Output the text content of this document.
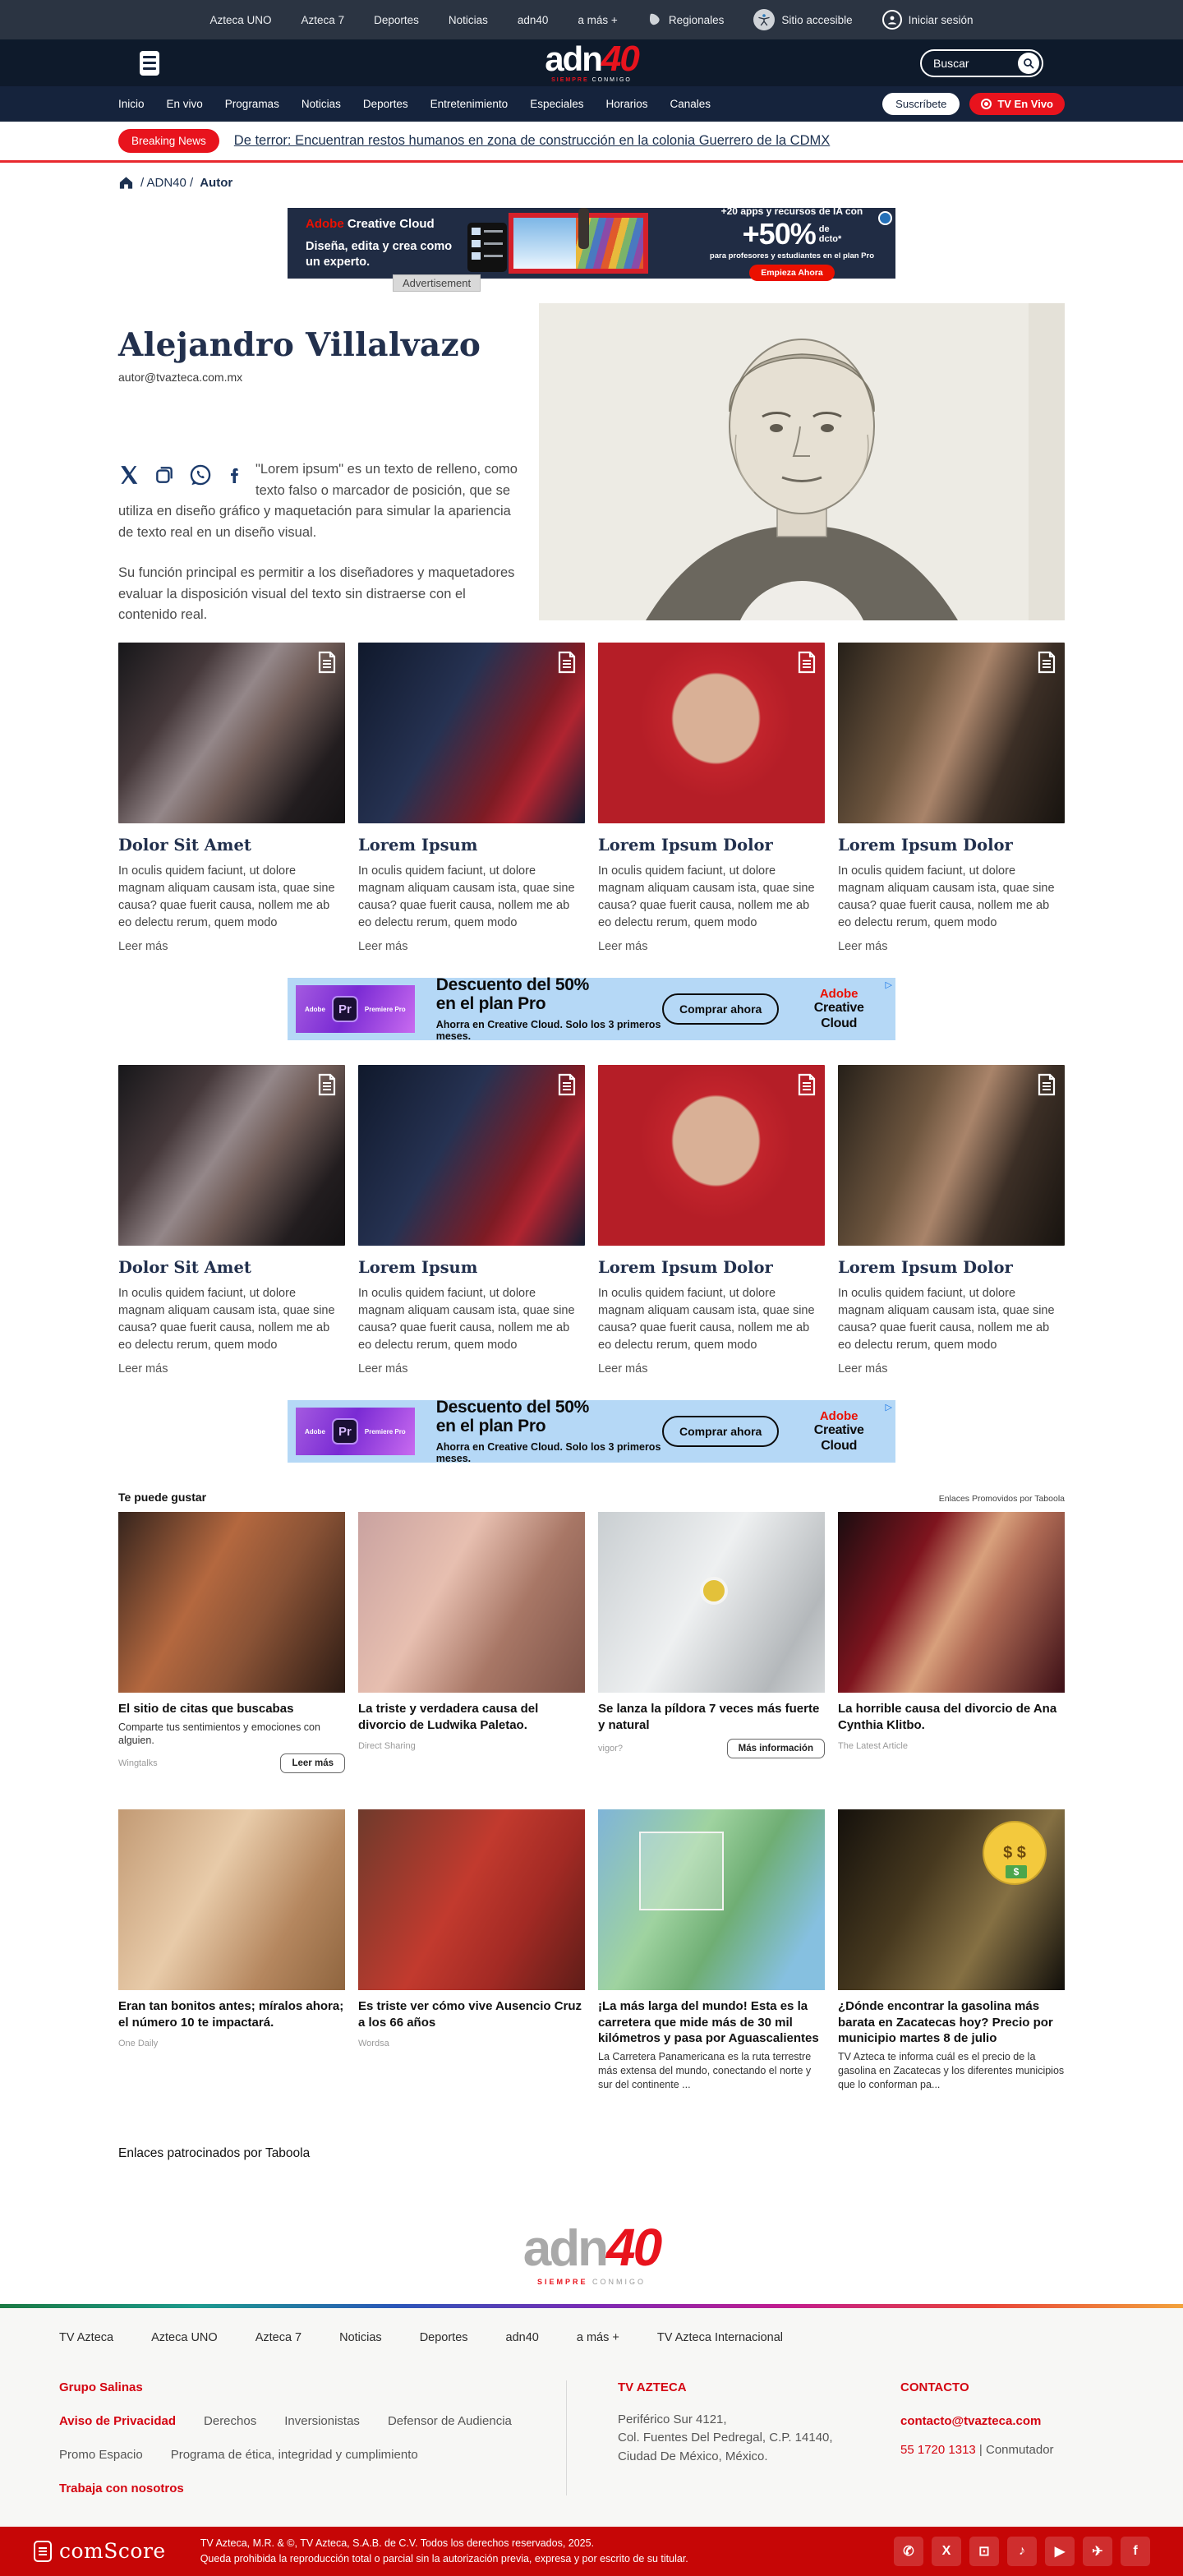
Azteca UNO	Azteca 7	Deportes	Noticias	adn40	a más +	Regionales	Sitio accesible	Iniciar sesión
adn40
SIEMPRE CONMIGO
Buscar
Inicio En vivo Programas Noticias Deportes Entretenimiento Especiales Horarios Canales	Suscríbete	TV En Vivo
Breaking News	De terror: Encuentran restos humanos en zona de construcción en la colonia Guerrero de la CDMX
/ ADN40 / Autor
Adobe Creative Cloud
Diseña, edita y crea como un experto.
+20 apps y recursos de IA con
+50% de
dcto*
para profesores y estudiantes en el plan Pro
Empieza Ahora
Advertisement
Alejandro Villalvazo
autor@tvazteca.com.mx

"Lorem ipsum" es un texto de relleno, como texto falso o marcador de posición, que se utiliza en diseño gráfico y maquetación para simular la apariencia de texto real en un diseño visual.

Su función principal es permitir a los diseñadores y maquetadores evaluar la disposición visual del texto sin distraerse con el contenido real.

Dolor Sit Amet

In oculis quidem faciunt, ut dolore magnam aliquam causam ista, quae sine causa? quae fuerit causa, nollem me ab eo delectu rerum, quem modo

Leer más
Lorem Ipsum

In oculis quidem faciunt, ut dolore magnam aliquam causam ista, quae sine causa? quae fuerit causa, nollem me ab eo delectu rerum, quem modo

Leer más
Lorem Ipsum Dolor

In oculis quidem faciunt, ut dolore magnam aliquam causam ista, quae sine causa? quae fuerit causa, nollem me ab eo delectu rerum, quem modo

Leer más
Lorem Ipsum Dolor

In oculis quidem faciunt, ut dolore magnam aliquam causam ista, quae sine causa? quae fuerit causa, nollem me ab eo delectu rerum, quem modo

Leer más
Adobe	Pr	Premiere Pro
Descuento del 50%
en el plan Pro
Ahorra en Creative Cloud. Solo los 3 primeros meses.
Comprar ahora
Adobe
Creative Cloud
▷
Dolor Sit Amet

In oculis quidem faciunt, ut dolore magnam aliquam causam ista, quae sine causa? quae fuerit causa, nollem me ab eo delectu rerum, quem modo

Leer más
Lorem Ipsum

In oculis quidem faciunt, ut dolore magnam aliquam causam ista, quae sine causa? quae fuerit causa, nollem me ab eo delectu rerum, quem modo

Leer más
Lorem Ipsum Dolor

In oculis quidem faciunt, ut dolore magnam aliquam causam ista, quae sine causa? quae fuerit causa, nollem me ab eo delectu rerum, quem modo

Leer más
Lorem Ipsum Dolor

In oculis quidem faciunt, ut dolore magnam aliquam causam ista, quae sine causa? quae fuerit causa, nollem me ab eo delectu rerum, quem modo

Leer más
Adobe	Pr	Premiere Pro
Descuento del 50%
en el plan Pro
Ahorra en Creative Cloud. Solo los 3 primeros meses.
Comprar ahora
Adobe
Creative Cloud
▷
Te puede gustar	Enlaces Promovidos por Taboola
El sitio de citas que buscabas
Comparte tus sentimientos y emociones con alguien.
Wingtalks	Leer más
La triste y verdadera causa del divorcio de Ludwika Paletao.
Direct Sharing
Se lanza la píldora 7 veces más fuerte y natural
vigor?	Más información
La horrible causa del divorcio de Ana Cynthia Klitbo.
The Latest Article
Eran tan bonitos antes; míralos ahora; el número 10 te impactará.
One Daily
Es triste ver cómo vive Ausencio Cruz a los 66 años
Wordsa
¡La más larga del mundo! Esta es la carretera que mide más de 30 mil kilómetros y pasa por Aguascalientes
La Carretera Panamericana es la ruta terrestre más extensa del mundo, conectando el norte y sur del continente ...
$ $ $
¿Dónde encontrar la gasolina más barata en Zacatecas hoy? Precio por municipio martes 8 de julio
TV Azteca te informa cuál es el precio de la gasolina en Zacatecas y los diferentes municipios que lo conforman pa...
Enlaces patrocinados por Taboola
adn40
SIEMPRE CONMIGO
TV Azteca	Azteca UNO	Azteca 7	Noticias	Deportes	adn40	a más +	TV Azteca Internacional
Grupo Salinas
Aviso de Privacidad Derechos Inversionistas Defensor de Audiencia
Promo Espacio Programa de ética, integridad y cumplimiento
Trabaja con nosotros
TV AZTECA
Periférico Sur 4121,
Col. Fuentes Del Pedregal, C.P. 14140,
Ciudad De México, México.
CONTACTO
contacto@tvazteca.com
55 1720 1313 | Conmutador
comScore	TV Azteca, M.R. & ©, TV Azteca, S.A.B. de C.V. Todos los derechos reservados, 2025.
Queda prohibida la reproducción total o parcial sin la autorización previa, expresa y por escrito de su titular.	✆	X	⊡	♪	▶	✈	f
